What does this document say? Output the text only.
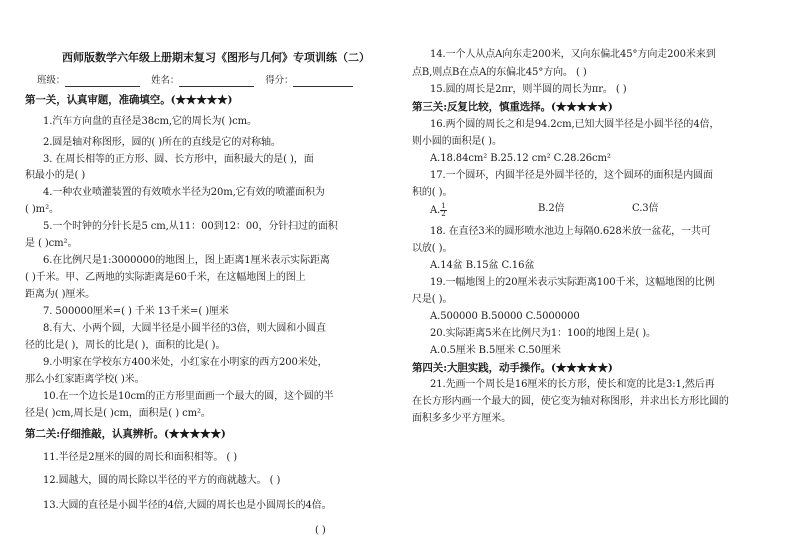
西师版数学六年级上册期末复习《图形与几何》专项训练（二）
班级：	姓名：	得分：
第一关，认真审题，准确填空。(★★★★★)
1.汽车方向盘的直径是38cm,它的周长为( )cm。
2.圆是轴对称图形，圆的( )所在的直线是它的对称轴。
3. 在周长相等的正方形、圆、长方形中，面积最大的是( )，面
积最小的是( )
4.一种农业喷灌装置的有效喷水半径为20m,它有效的喷灌面积为
( )m²。
5.一个时钟的分针长是5 cm,从11：00到12：00，分针扫过的面积
是 ( )cm²。
6.在比例尺是1:3000000的地图上，图上距离1厘米表示实际距离
( )千米。甲、乙两地的实际距离是60千米，在这幅地图上的图上
距离为( )厘米。
7. 500000厘米=( ) 千米 13千米=( )厘米
8.有大、小两个圆，大圆半径是小圆半径的3倍，则大圆和小圆直
径的比是( )，周长的比是( )，面积的比是( )。
9.小明家在学校东方400米处，小红家在小明家的西方200米处，
那么小红家距离学校( )米。
10.在一个边长是10cm的正方形里面画一个最大的圆，这个圆的半
径是( )cm,周长是( )cm，面积是( ) cm²。
第二关:仔细推敲，认真辨析。(★★★★★)
11.半径是2厘米的圆的周长和面积相等。 ( )
12.圆越大，圆的周长除以半径的平方的商就越大。 ( )
13.大圆的直径是小圆半径的4倍,大圆的周长也是小圆周长的4倍。
( )
14.一个人从点A向东走200米，又向东偏北45°方向走200米来到
点B,则点B在点A的东偏北45°方向。 ( )
15.圆的周长是2πr，则半圆的周长为πr。 ( )
第三关:反复比较，慎重选择。(★★★★★)
16.两个圆的周长之和是94.2cm,已知大圆半径是小圆半径的4倍，
则小圆的面积是( )。
A.18.84cm² B.25.12 cm² C.28.26cm²
17.一个圆环，内圆半径是外圆半径的，这个圆环的面积是内圆面
积的( )。
A. $\frac{1}{2}$	B.2倍	C.3倍
18. 在直径3米的圆形喷水池边上每隔0.628米放一盆花，一共可
以放( )。
A.14盆 B.15盆 C.16盆
19.一幅地图上的20厘米表示实际距离100千米，这幅地图的比例
尺是( )。
A.500000 B.50000 C.5000000
20.实际距离5米在比例尺为1：100的地图上是( )。
A.0.5厘米 B.5厘米 C.50厘米
第四关:大胆实践，动手操作。(★★★★★)
21.先画一个周长是16厘米的长方形，使长和宽的比是3:1,然后再
在长方形内画一个最大的圆，使它变为轴对称图形，并求出长方形比圆的
面积多多少平方厘米。
